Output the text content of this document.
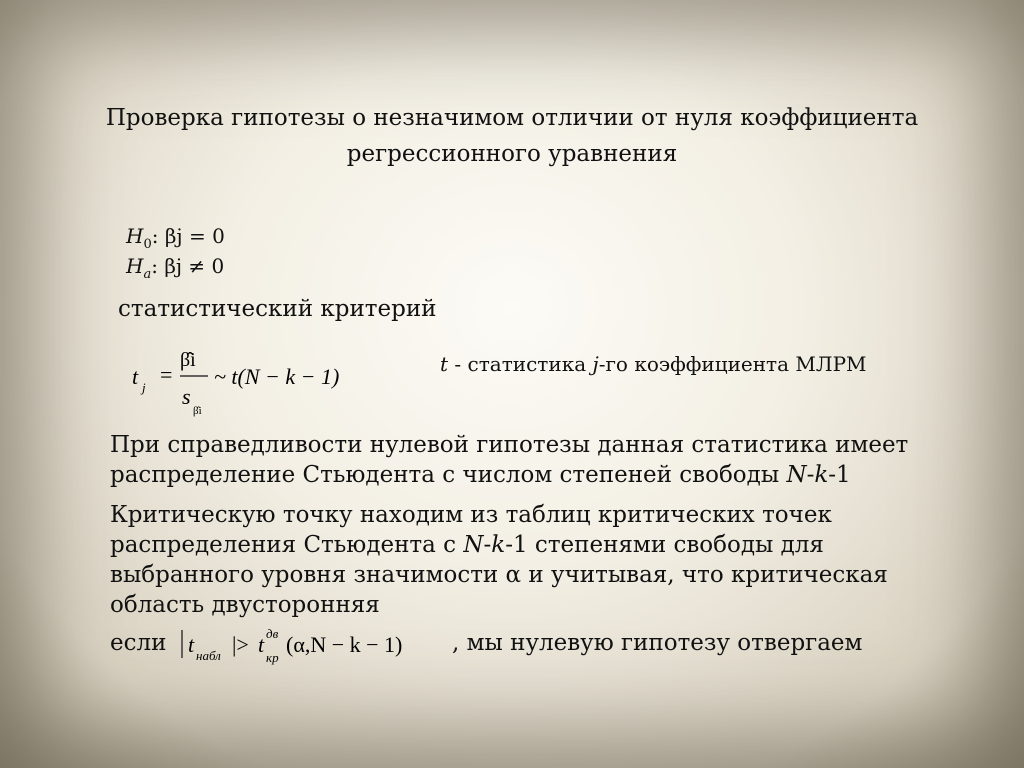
Проверка гипотезы о незначимом отличии от нуля коэффициента
регрессионного уравнения
$H_0$: βj = 0
$H_a$: βj ≠ 0
статистический критерий
t j
=
β̂i
s
β̂i
~ t(N − k − 1)	t - статистика j-го коэффициента МЛРМ
При справедливости нулевой гипотезы данная статистика имеет распределение Стьюдента с числом степеней свободы N-k-1
Критическую точку находим из таблиц критических точек распределения Стьюдента с N-k-1 степенями свободы для выбранного уровня значимости α и учитывая, что критическая область двусторонняя
если t набл |> t дв
кр
(α,N − k − 1) , мы нулевую гипотезу отвергаем
